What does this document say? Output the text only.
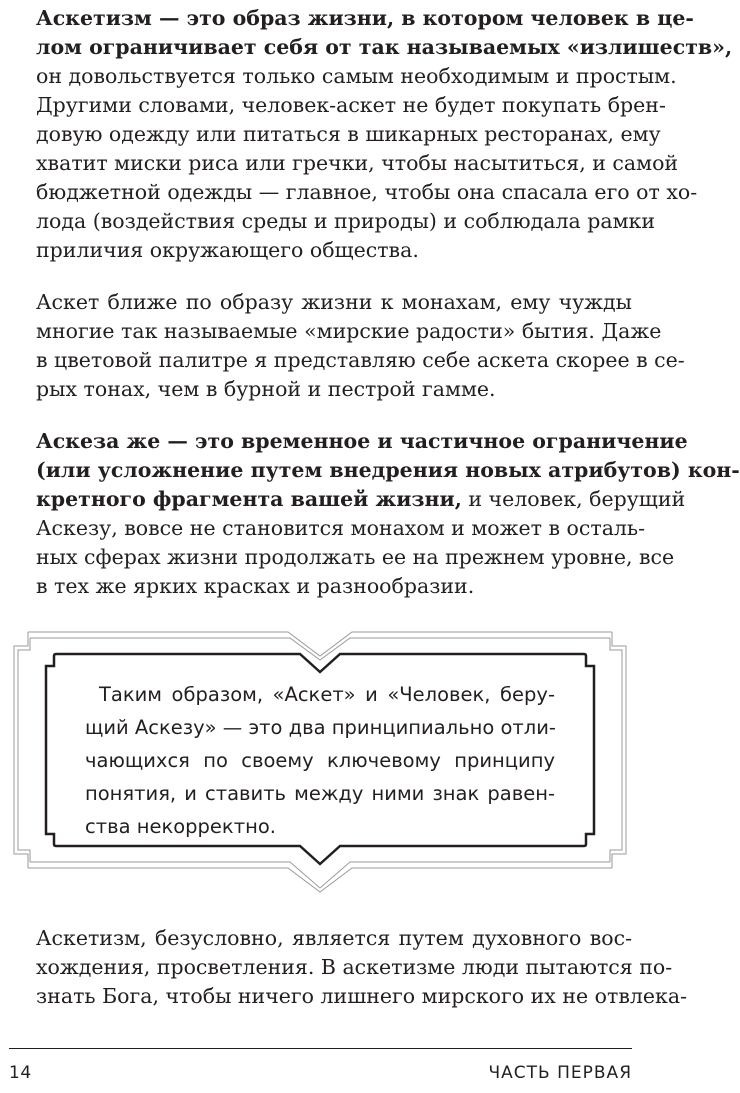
Аскетизм — это образ жизни, в котором человек в це-
лом ограничивает себя от так называемых «излишеств»,
он довольствуется только самым необходимым и простым.
Другими словами, человек-аскет не будет покупать брен-
довую одежду или питаться в шикарных ресторанах, ему
хватит миски риса или гречки, чтобы насытиться, и самой
бюджетной одежды — главное, чтобы она спасала его от хо-
лода (воздействия среды и природы) и соблюдала рамки
приличия окружающего общества.
Аскет ближе по образу жизни к монахам, ему чужды
многие так называемые «мирские радости» бытия. Даже
в цветовой палитре я представляю себе аскета скорее в се-
рых тонах, чем в бурной и пестрой гамме.
Аскеза же — это временное и частичное ограничение
(или усложнение путем внедрения новых атрибутов) кон-
кретного фрагмента вашей жизни, и человек, берущий
Аскезу, вовсе не становится монахом и может в осталь-
ных сферах жизни продолжать ее на прежнем уровне, все
в тех же ярких красках и разнообразии.
Таким образом, «Аскет» и «Человек, беру-
щий Аскезу» — это два принципиально отли-
чающихся по своему ключевому принципу
понятия, и ставить между ними знак равен-
ства некорректно.
Аскетизм, безусловно, является путем духовного вос-
хождения, просветления. В аскетизме люди пытаются по-
знать Бога, чтобы ничего лишнего мирского их не отвлека-
14	ЧАСТЬ ПЕРВАЯ
